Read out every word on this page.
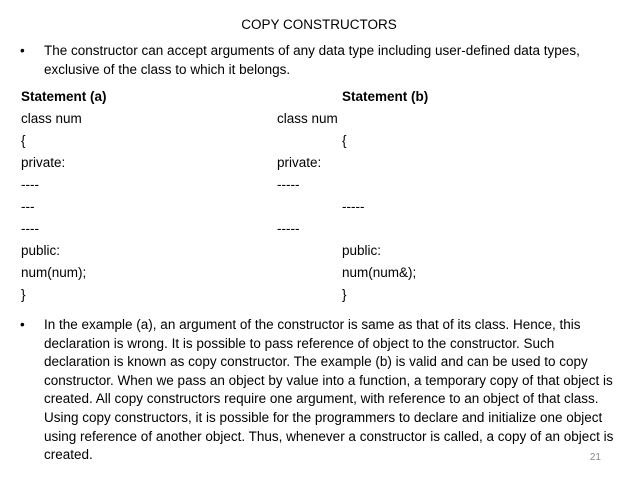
COPY CONSTRUCTORS
• The constructor can accept arguments of any data type including user-defined data types, exclusive of the class to which it belongs.
Statement (a)
class num
{
private:
----
---
----
public:
num(num);
}
Statement (b)
class num
{
private:
-----
-----
-----
public:
num(num&);
}
• In the example (a), an argument of the constructor is same as that of its class. Hence, this declaration is wrong. It is possible to pass reference of object to the constructor. Such declaration is known as copy constructor. The example (b) is valid and can be used to copy constructor. When we pass an object by value into a function, a temporary copy of that object is created. All copy constructors require one argument, with reference to an object of that class. Using copy constructors, it is possible for the programmers to declare and initialize one object using reference of another object. Thus, whenever a constructor is called, a copy of an object is created.	21
